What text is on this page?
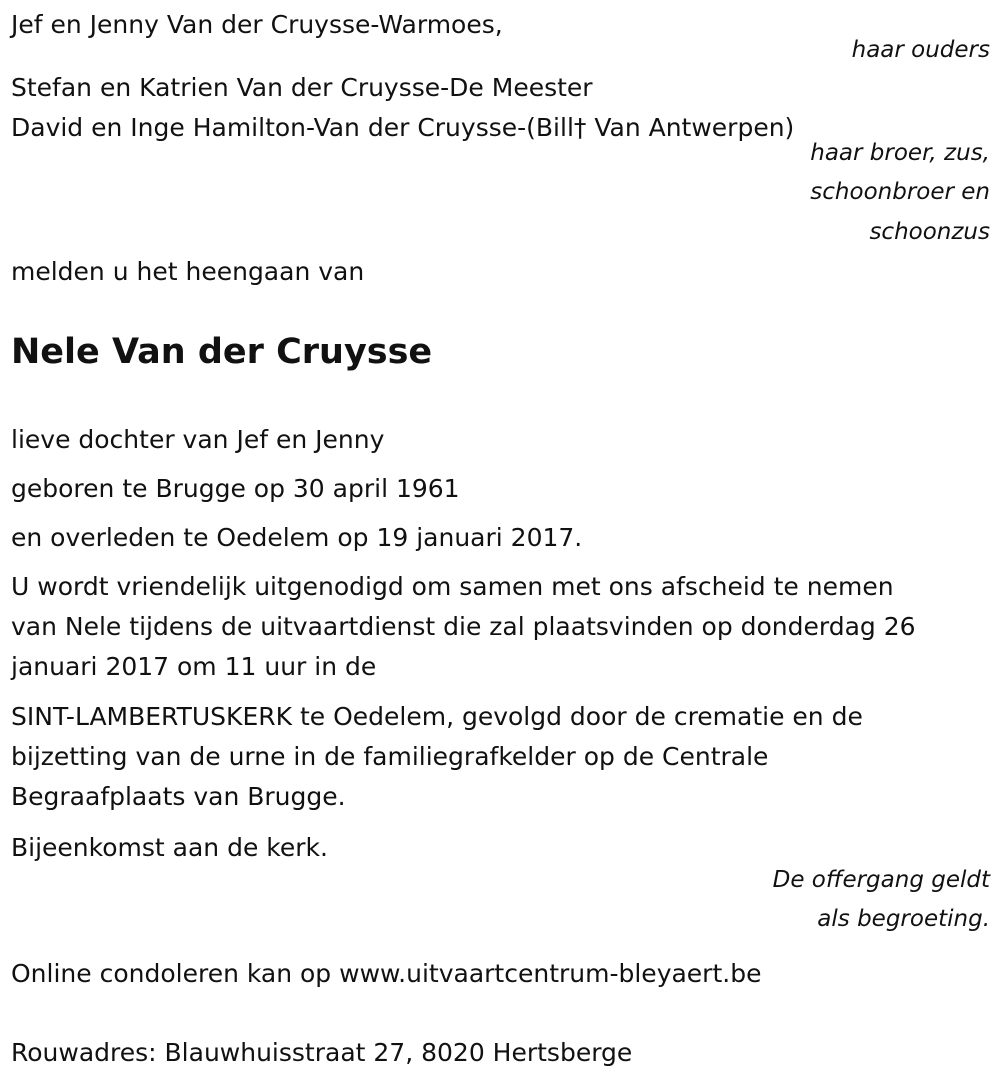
Jef en Jenny Van der Cruysse-Warmoes,
haar ouders
Stefan en Katrien Van der Cruysse-De Meester
David en Inge Hamilton-Van der Cruysse-(Bill† Van Antwerpen)
haar broer, zus,
schoonbroer en
schoonzus
melden u het heengaan van
Nele Van der Cruysse
lieve dochter van Jef en Jenny
geboren te Brugge op 30 april 1961
en overleden te Oedelem op 19 januari 2017.
U wordt vriendelijk uitgenodigd om samen met ons afscheid te nemen
van Nele tijdens de uitvaartdienst die zal plaatsvinden op donderdag 26
januari 2017 om 11 uur in de
SINT-LAMBERTUSKERK te Oedelem, gevolgd door de crematie en de
bijzetting van de urne in de familiegrafkelder op de Centrale
Begraafplaats van Brugge.
Bijeenkomst aan de kerk.
De offergang geldt
als begroeting.
Online condoleren kan op www.uitvaartcentrum-bleyaert.be
Rouwadres: Blauwhuisstraat 27, 8020 Hertsberge
